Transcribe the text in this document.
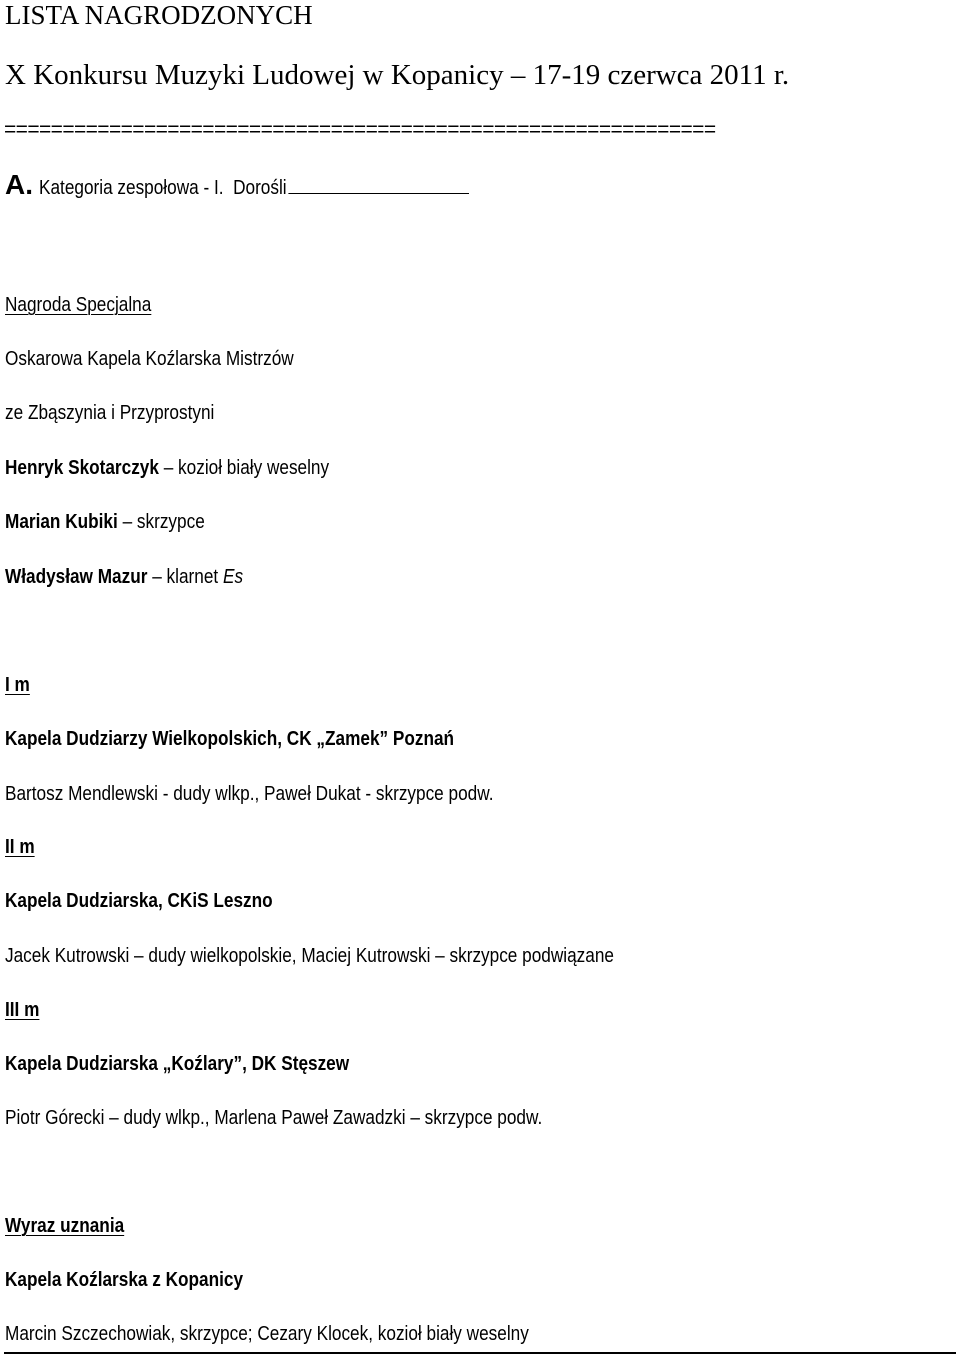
LISTA NAGRODZONYCH
X Konkursu Muzyki Ludowej w Kopanicy – 17-19 czerwca 2011 r.
=============================================================
A. Kategoria zespołowa - I. Dorośli
Nagroda Specjalna
Oskarowa Kapela Koźlarska Mistrzów
ze Zbąszynia i Przyprostyni
Henryk Skotarczyk – kozioł biały weselny
Marian Kubiki – skrzypce
Władysław Mazur – klarnet Es
I m
Kapela Dudziarzy Wielkopolskich, CK „Zamek” Poznań
Bartosz Mendlewski - dudy wlkp., Paweł Dukat - skrzypce podw.
II m
Kapela Dudziarska, CKiS Leszno
Jacek Kutrowski – dudy wielkopolskie, Maciej Kutrowski – skrzypce podwiązane
III m
Kapela Dudziarska „Koźlary”, DK Stęszew
Piotr Górecki – dudy wlkp., Marlena Paweł Zawadzki – skrzypce podw.
Wyraz uznania
Kapela Koźlarska z Kopanicy
Marcin Szczechowiak, skrzypce; Cezary Klocek, kozioł biały weselny
